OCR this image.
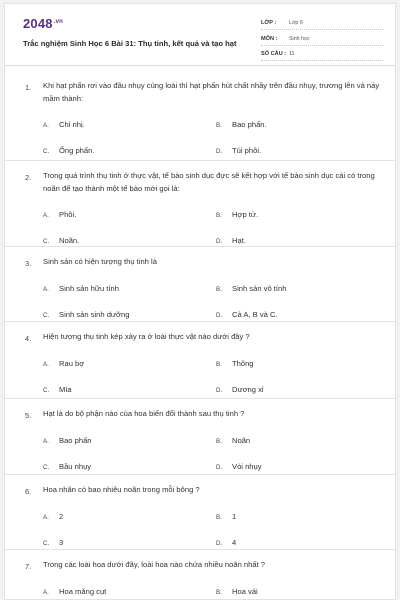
$2048^{.vn}$
Trắc nghiệm Sinh Học 6 Bài 31: Thụ tinh, kết quả và tạo hạt
LỚP :	Lớp 6
MÔN :	Sinh học
SỐ CÂU : 11
1. Khi hạt phấn rơi vào đầu nhụy cùng loài thì hạt phấn hút chất nhầy trên đầu nhụy, trương lên và nảy mầm thành:
A. Chỉ nhị.	B. Bao phấn.
C. Ống phấn.	D. Túi phôi.
2. Trong quá trình thụ tinh ở thực vật, tế bào sinh dục đực sẽ kết hợp với tế bào sinh dục cái có trong noãn để tạo thành một tế bào mới gọi là:
A. Phôi.	B. Hợp tử.
C. Noãn.	D. Hạt.
3. Sinh sản có hiện tượng thụ tinh là
A. Sinh sản hữu tính	B. Sinh sản vô tính
C. Sinh sản sinh dưỡng	D. Cả A, B và C.
4. Hiện tượng thụ tinh kép xảy ra ở loài thực vật nào dưới đây ?
A. Rau bợ	B. Thông
C. Mía	D. Dương xỉ
5. Hạt là do bộ phận nào của hoa biến đổi thành sau thụ tinh ?
A. Bao phấn	B. Noãn
C. Bầu nhụy	D. Vòi nhụy
6. Hoa nhãn có bao nhiêu noãn trong mỗi bông ?
A. 2	B. 1
C. 3	D. 4
7. Trong các loài hoa dưới đây, loài hoa nào chứa nhiều noãn nhất ?
A. Hoa măng cụt	B. Hoa vải
